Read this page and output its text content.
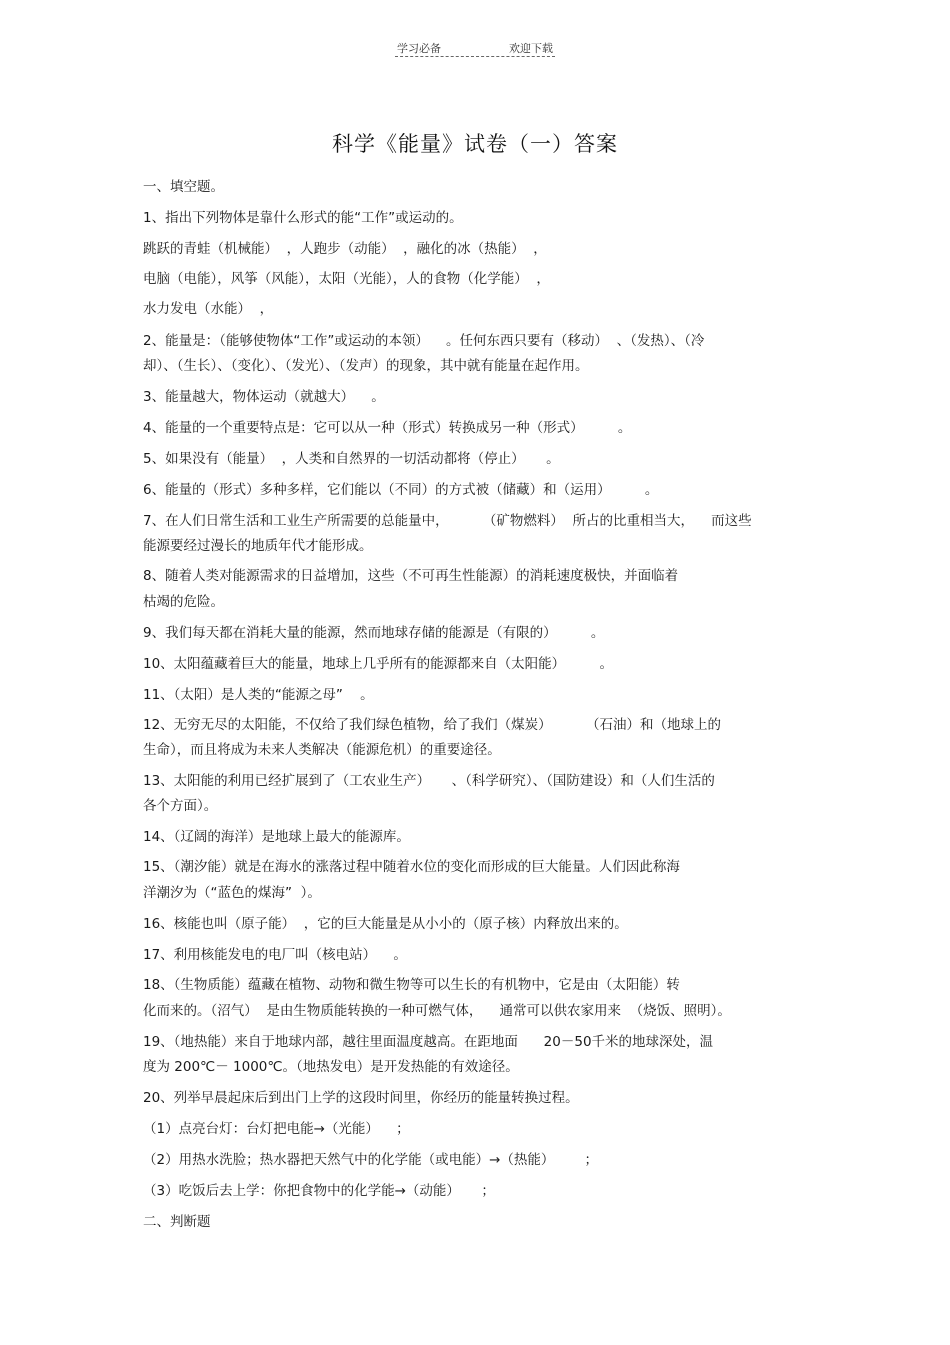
学习必备	欢迎下载
科学《能量》试卷（一）答案
一、填空题。
1、指出下列物体是靠什么形式的能“工作”或运动的。
跳跃的青蛙（机械能）  ，人跑步（动能）  ，融化的冰（热能）  ，
电脑（电能），风筝（风能），太阳（光能），人的食物（化学能）  ，
水力发电（水能）  ，
2、能量是：（能够使物体“工作”或运动的本领）    。任何东西只要有（移动）  、（发热）、（冷
却）、（生长）、（变化）、（发光）、（发声）的现象，其中就有能量在起作用。
3、能量越大，物体运动（就越大）    。
4、能量的一个重要特点是：它可以从一种（形式）转换成另一种（形式）        。
5、如果没有（能量）  ，人类和自然界的一切活动都将（停止）     。
6、能量的（形式）多种多样，它们能以（不同）的方式被（储藏）和（运用）        。
7、在人们日常生活和工业生产所需要的总能量中，        （矿物燃料）  所占的比重相当大，    而这些
能源要经过漫长的地质年代才能形成。
8、随着人类对能源需求的日益增加，这些（不可再生性能源）的消耗速度极快，并面临着
枯竭的危险。
9、我们每天都在消耗大量的能源，然而地球存储的能源是（有限的）        。
10、太阳蕴藏着巨大的能量，地球上几乎所有的能源都来自（太阳能）        。
11、（太阳）是人类的“能源之母”    。
12、无穷无尽的太阳能，不仅给了我们绿色植物，给了我们（煤炭）        （石油）和（地球上的
生命），而且将成为未来人类解决（能源危机）的重要途径。
13、太阳能的利用已经扩展到了（工农业生产）     、（科学研究）、（国防建设）和（人们生活的
各个方面）。
14、（辽阔的海洋）是地球上最大的能源库。
15、（潮汐能）就是在海水的涨落过程中随着水位的变化而形成的巨大能量。人们因此称海
洋潮汐为（“蓝色的煤海”  ）。
16、核能也叫（原子能）  ，它的巨大能量是从小小的（原子核）内释放出来的。
17、利用核能发电的电厂叫（核电站）    。
18、（生物质能）蕴藏在植物、动物和微生物等可以生长的有机物中，它是由（太阳能）转
化而来的。（沼气）  是由生物质能转换的一种可燃气体，    通常可以供农家用来  （烧饭、照明）。
19、（地热能）来自于地球内部，越往里面温度越高。在距地面      20－50千米的地球深处，温
度为 200℃－ 1000℃。（地热发电）是开发热能的有效途径。
20、列举早晨起床后到出门上学的这段时间里，你经历的能量转换过程。
（1）点亮台灯：台灯把电能→（光能）    ；
（2）用热水洗脸；热水器把天然气中的化学能（或电能）→（热能）       ；
（3）吃饭后去上学：你把食物中的化学能→（动能）     ；
二、判断题
